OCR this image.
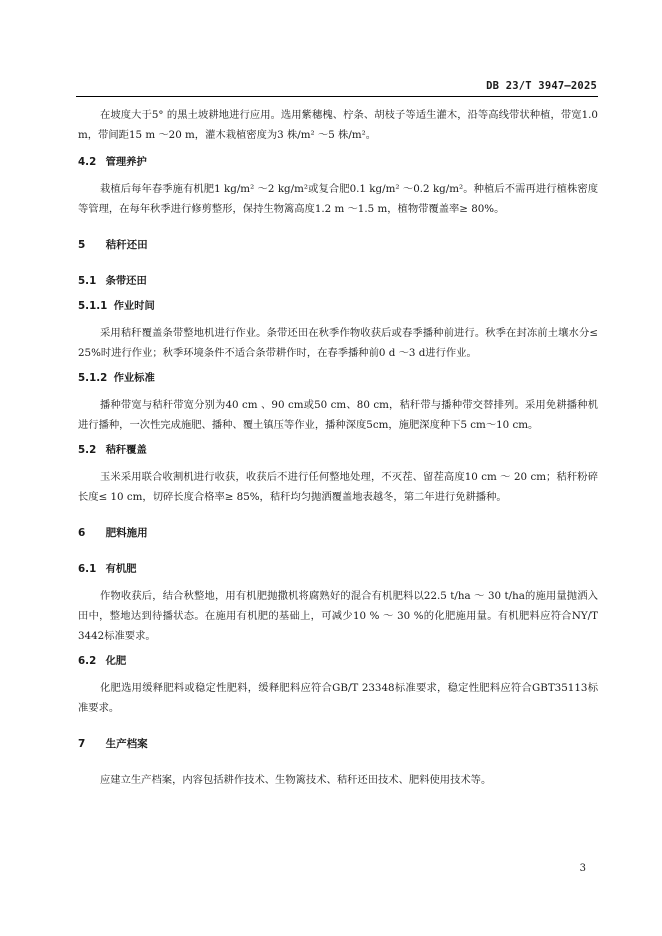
DB 23/T 3947—2025

在坡度大于5° 的黑土坡耕地进行应用。选用紫穗槐、柠条、胡枝子等适生灌木，沿等高线带状种植，带宽1.0 m，带间距15 m ～20 m，灌木栽植密度为3 株/m² ～5 株/m²。

4.2 管理养护

栽植后每年春季施有机肥1 kg/m² ～2 kg/m²或复合肥0.1 kg/m² ～0.2 kg/m²。种植后不需再进行植株密度等管理，在每年秋季进行修剪整形，保持生物篱高度1.2 m ～1.5 m，植物带覆盖率≥ 80%。

5 秸秆还田
5.1 条带还田
5.1.1 作业时间

采用秸秆覆盖条带整地机进行作业。条带还田在秋季作物收获后或春季播种前进行。秋季在封冻前土壤水分≤ 25%时进行作业；秋季环境条件不适合条带耕作时，在春季播种前0 d ～3 d进行作业。

5.1.2 作业标准

播种带宽与秸秆带宽分别为40 cm 、90 cm或50 cm、80 cm，秸秆带与播种带交替排列。采用免耕播种机进行播种，一次性完成施肥、播种、覆土镇压等作业，播种深度5cm，施肥深度种下5 cm～10 cm。

5.2 秸秆覆盖

玉米采用联合收割机进行收获，收获后不进行任何整地处理，不灭茬、留茬高度10 cm ～ 20 cm；秸秆粉碎长度≤ 10 cm，切碎长度合格率≥ 85%，秸秆均匀抛洒覆盖地表越冬，第二年进行免耕播种。

6 肥料施用
6.1 有机肥

作物收获后，结合秋整地，用有机肥抛撒机将腐熟好的混合有机肥料以22.5 t/ha ～ 30 t/ha的施用量抛洒入田中，整地达到待播状态。在施用有机肥的基础上，可减少10 % ～ 30 %的化肥施用量。有机肥料应符合NY/T 3442标准要求。

6.2 化肥

化肥选用缓释肥料或稳定性肥料，缓释肥料应符合GB/T 23348标准要求，稳定性肥料应符合GBT35113标准要求。

7 生产档案

应建立生产档案，内容包括耕作技术、生物篱技术、秸秆还田技术、肥料使用技术等。

3
